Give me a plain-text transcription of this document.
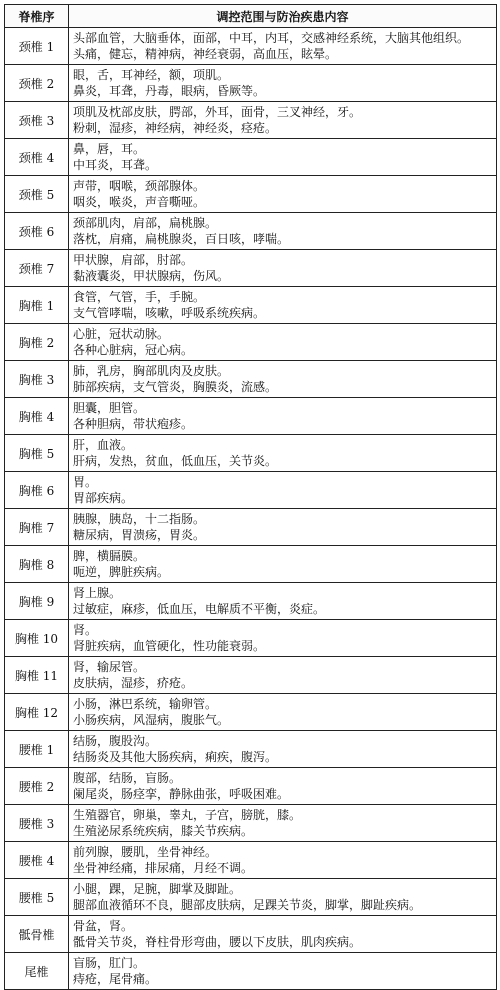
脊椎序	调控范围与防治疾患内容
颈椎 1	头部血管，大脑垂体，面部，中耳，内耳，交感神经系统，大脑其他组织。
头痛，健忘，精神病，神经衰弱，高血压，眩晕。

颈椎 2	眼，舌，耳神经，额，项肌。
鼻炎，耳聋，丹毒，眼病，昏厥等。

颈椎 3	项肌及枕部皮肤，腭部，外耳，面骨，三叉神经，牙。
粉刺，湿疹，神经病，神经炎，痉疮。

颈椎 4	鼻，唇，耳。
中耳炎，耳聋。

颈椎 5	声带，咽喉，颈部腺体。
咽炎，喉炎，声音嘶哑。

颈椎 6	颈部肌肉，肩部，扁桃腺。
落枕，肩痛，扁桃腺炎，百日咳，哮喘。

颈椎 7	甲状腺，肩部，肘部。
黏液囊炎，甲状腺病，伤风。

胸椎 1	食管，气管，手，手腕。
支气管哮喘，咳嗽，呼吸系统疾病。

胸椎 2	心脏，冠状动脉。
各种心脏病，冠心病。

胸椎 3	肺，乳房，胸部肌肉及皮肤。
肺部疾病，支气管炎，胸膜炎，流感。

胸椎 4	胆囊，胆管。
各种胆病，带状疱疹。

胸椎 5	肝，血液。
肝病，发热，贫血，低血压，关节炎。

胸椎 6	胃。
胃部疾病。

胸椎 7	胰腺，胰岛，十二指肠。
糖尿病，胃溃疡，胃炎。

胸椎 8	脾，横膈膜。
呃逆，脾脏疾病。

胸椎 9	肾上腺。
过敏症，麻疹，低血压，电解质不平衡，炎症。

胸椎 10	肾。
肾脏疾病，血管硬化，性功能衰弱。

胸椎 11	肾，输尿管。
皮肤病，湿疹，疥疮。

胸椎 12	小肠，淋巴系统，输卵管。
小肠疾病，风湿病，腹胀气。

腰椎 1	结肠，腹股沟。
结肠炎及其他大肠疾病，痢疾，腹泻。

腰椎 2	腹部，结肠，盲肠。
阑尾炎，肠痉挛，静脉曲张，呼吸困难。

腰椎 3	生殖器官，卵巢，睾丸，子宫，膀胱，膝。
生殖泌尿系统疾病，膝关节疾病。

腰椎 4	前列腺，腰肌，坐骨神经。
坐骨神经痛，排尿痛，月经不调。

腰椎 5	小腿，踝，足腕，脚掌及脚趾。
腿部血液循环不良，腿部皮肤病，足踝关节炎，脚掌，脚趾疾病。

骶骨椎	骨盆，肾。
骶骨关节炎，脊柱骨形弯曲，腰以下皮肤，肌肉疾病。

尾椎	盲肠，肛门。
痔疮，尾骨痛。
